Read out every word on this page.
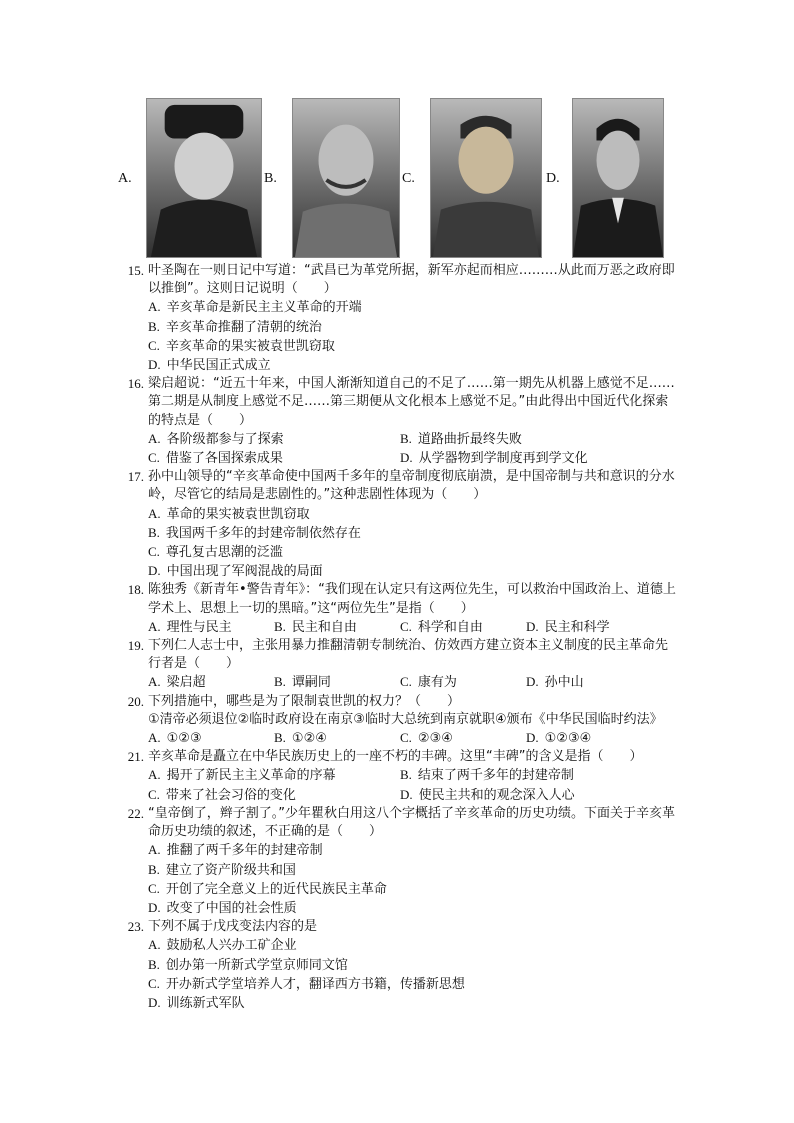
A.	B.	C.	D.
15. 叶圣陶在一则日记中写道：“武昌已为革党所据，新军亦起而相应………从此而万恶之政府即以推倒”。这则日记说明（　　）
A. 辛亥革命是新民主主义革命的开端
B. 辛亥革命推翻了清朝的统治
C. 辛亥革命的果实被袁世凯窃取
D. 中华民国正式成立
16. 梁启超说：“近五十年来，中国人渐渐知道自己的不足了……第一期先从机器上感觉不足……第二期是从制度上感觉不足……第三期便从文化根本上感觉不足。”由此得出中国近代化探索的特点是（　　）
A. 各阶级都参与了探索	B. 道路曲折最终失败
C. 借鉴了各国探索成果	D. 从学器物到学制度再到学文化
17. 孙中山领导的“辛亥革命使中国两千多年的皇帝制度彻底崩溃，是中国帝制与共和意识的分水岭，尽管它的结局是悲剧性的。”这种悲剧性体现为（　　）
A. 革命的果实被袁世凯窃取
B. 我国两千多年的封建帝制依然存在
C. 尊孔复古思潮的泛滥
D. 中国出现了军阀混战的局面
18. 陈独秀《新青年•警告青年》：“我们现在认定只有这两位先生，可以救治中国政治上、道德上学术上、思想上一切的黑暗。”这“两位先生”是指（　　）
A. 理性与民主	B. 民主和自由	C. 科学和自由	D. 民主和科学
19. 下列仁人志士中，主张用暴力推翻清朝专制统治、仿效西方建立资本主义制度的民主革命先行者是（　　）
A. 梁启超	B. 谭嗣同	C. 康有为	D. 孙中山
20. 下列措施中，哪些是为了限制袁世凯的权力？（　　）
①清帝必须退位②临时政府设在南京③临时大总统到南京就职④颁布《中华民国临时约法》
A. ①②③	B. ①②④	C. ②③④	D. ①②③④
21. 辛亥革命是矗立在中华民族历史上的一座不朽的丰碑。这里“丰碑”的含义是指（　　）
A. 揭开了新民主主义革命的序幕	B. 结束了两千多年的封建帝制
C. 带来了社会习俗的变化	D. 使民主共和的观念深入人心
22. “皇帝倒了，辫子割了。”少年瞿秋白用这八个字概括了辛亥革命的历史功绩。下面关于辛亥革命历史功绩的叙述，不正确的是（　　）
A. 推翻了两千多年的封建帝制
B. 建立了资产阶级共和国
C. 开创了完全意义上的近代民族民主革命
D. 改变了中国的社会性质
23. 下列不属于戊戌变法内容的是
A. 鼓励私人兴办工矿企业
B. 创办第一所新式学堂京师同文馆
C. 开办新式学堂培养人才，翻译西方书籍，传播新思想
D. 训练新式军队
